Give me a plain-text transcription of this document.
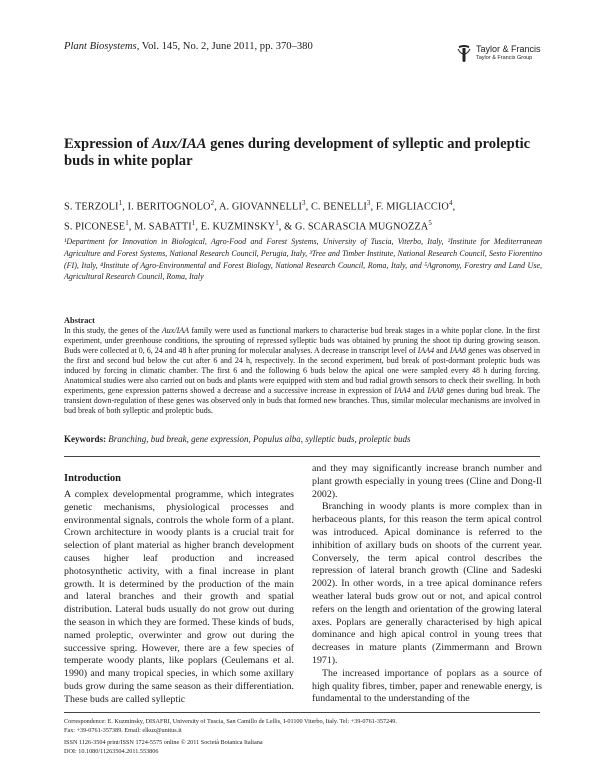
Plant Biosystems, Vol. 145, No. 2, June 2011, pp. 370–380	Taylor & Francis
Taylor & Francis Group
Expression of Aux/IAA genes during development of sylleptic and proleptic buds in white poplar
S. TERZOLI$^1$, I. BERITOGNOLO$^2$, A. GIOVANNELLI$^3$, C. BENELLI$^3$, F. MIGLIACCIO$^4$,
S. PICONESE$^1$, M. SABATTI$^1$, E. KUZMINSKY$^1$, & G. SCARASCIA MUGNOZZA$^5$
¹Department for Innovation in Biological, Agro-Food and Forest Systems, University of Tuscia, Viterbo, Italy, ²Institute for Mediterranean Agriculture and Forest Systems, National Research Council, Perugia, Italy, ³Tree and Timber Institute, National Research Council, Sesto Fiorentino (FI), Italy, ⁴Institute of Agro-Environmental and Forest Biology, National Research Council, Roma, Italy, and ⁵Agronomy, Forestry and Land Use, Agricultural Research Council, Roma, Italy
Abstract
In this study, the genes of the Aux/IAA family were used as functional markers to characterise bud break stages in a white poplar clone. In the first experiment, under greenhouse conditions, the sprouting of repressed sylleptic buds was obtained by pruning the shoot tip during growing season. Buds were collected at 0, 6, 24 and 48 h after pruning for molecular analyses. A decrease in transcript level of IAA4 and IAA8 genes was observed in the first and second bud below the cut after 6 and 24 h, respectively. In the second experiment, bud break of post-dormant proleptic buds was induced by forcing in climatic chamber. The first 6 and the following 6 buds below the apical one were sampled every 48 h during forcing. Anatomical studies were also carried out on buds and plants were equipped with stem and bud radial growth sensors to check their swelling. In both experiments, gene expression patterns showed a decrease and a successive increase in expression of IAA4 and IAA8 genes during bud break. The transient down-regulation of these genes was observed only in buds that formed new branches. Thus, similar molecular mechanisms are involved in bud break of both sylleptic and proleptic buds.
Keywords: Branching, bud break, gene expression, Populus alba, sylleptic buds, proleptic buds
Introduction

A complex developmental programme, which integrates genetic mechanisms, physiological processes and environmental signals, controls the whole form of a plant. Crown architecture in woody plants is a crucial trait for selection of plant material as higher branch development causes higher leaf production and increased photosynthetic activity, with a final increase in plant growth. It is determined by the production of the main and lateral branches and their growth and spatial distribution. Lateral buds usually do not grow out during the season in which they are formed. These kinds of buds, named proleptic, overwinter and grow out during the successive spring. However, there are a few species of temperate woody plants, like poplars (Ceulemans et al. 1990) and many tropical species, in which some axillary buds grow during the same season as their differentiation. These buds are called sylleptic

and they may significantly increase branch number and plant growth especially in young trees (Cline and Dong-Il 2002).

Branching in woody plants is more complex than in herbaceous plants, for this reason the term apical control was introduced. Apical dominance is referred to the inhibition of axillary buds on shoots of the current year. Conversely, the term apical control describes the repression of lateral branch growth (Cline and Sadeski 2002). In other words, in a tree apical dominance refers weather lateral buds grow out or not, and apical control refers on the length and orientation of the growing lateral axes. Poplars are generally characterised by high apical dominance and high apical control in young trees that decreases in mature plants (Zimmermann and Brown 1971).

The increased importance of poplars as a source of high quality fibres, timber, paper and renewable energy, is fundamental to the understanding of the

Correspondence: E. Kuzminsky, DISAFRI, University of Tuscia, San Camillo de Lellis, I-01100 Viterbo, Italy. Tel: +39-0761-357249.
Fax: +39-0761-357389. Email: elkuz@unitus.it
ISSN 1126-3504 print/ISSN 1724-5575 online © 2011 Società Botanica Italiana
DOI: 10.1080/11263504.2011.553806
